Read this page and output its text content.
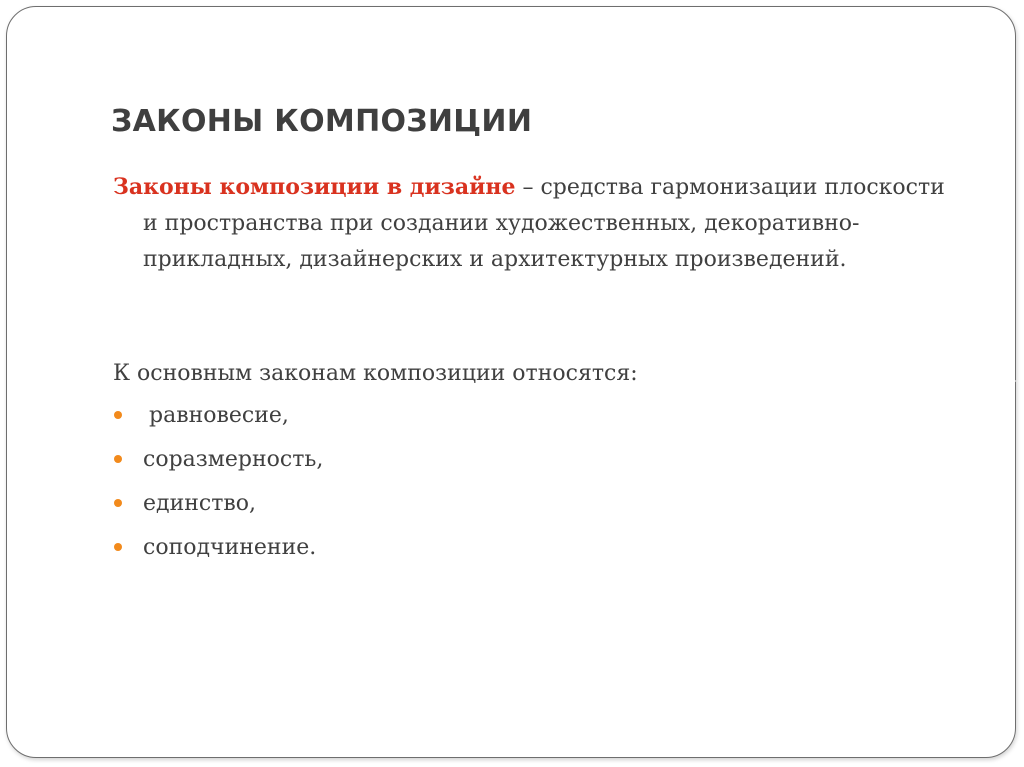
ЗАКОНЫ КОМПОЗИЦИИ

Законы композиции в дизайне – средства гармонизации плоскости и пространства при создании художественных, декоративно-прикладных, дизайнерских и архитектурных произведений.

К основным законам композиции относятся:

равновесие,
соразмерность,
единство,
соподчинение.
